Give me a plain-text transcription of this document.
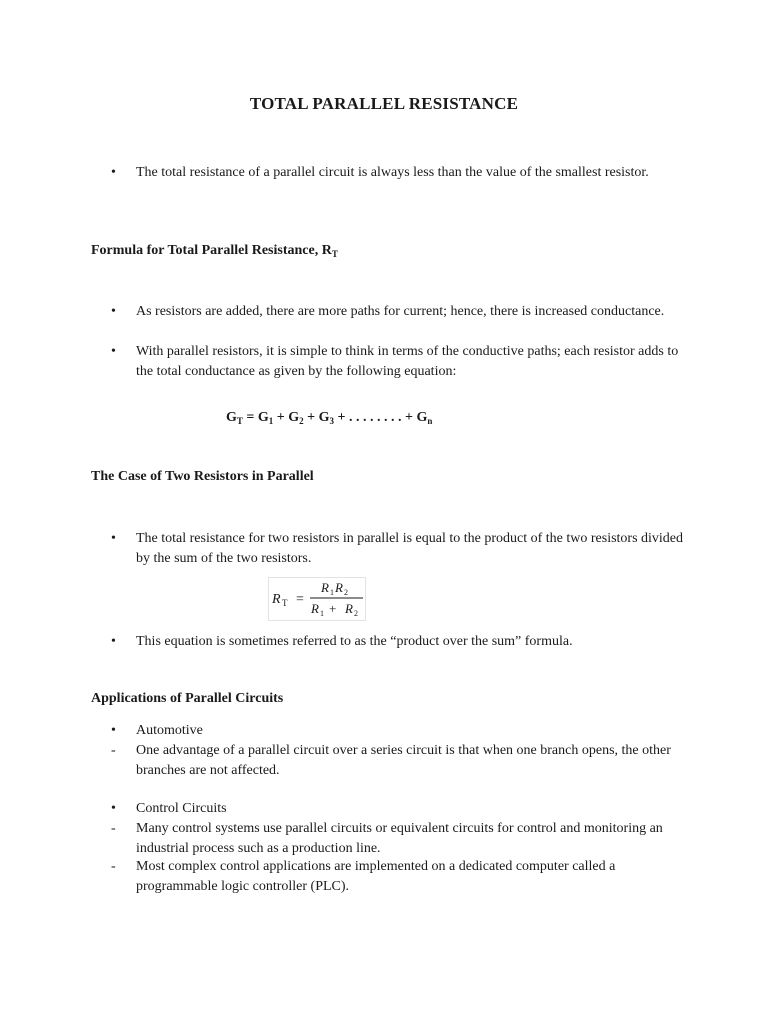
TOTAL PARALLEL RESISTANCE
• The total resistance of a parallel circuit is always less than the value of the smallest resistor.
Formula for Total Parallel Resistance, $R_T$
• As resistors are added, there are more paths for current; hence, there is increased conductance.
• With parallel resistors, it is simple to think in terms of the conductive paths; each resistor adds to the total conductance as given by the following equation:
$G_T = G_1 + G_2 + G_3$ + . . . . . . . . + $G_n$
The Case of Two Resistors in Parallel
• The total resistance for two resistors in parallel is equal to the product of the two resistors divided by the sum of the two resistors.
R T =
R 1 R 2
R 1 + R 2
• This equation is sometimes referred to as the “product over the sum” formula.
Applications of Parallel Circuits
• Automotive
- One advantage of a parallel circuit over a series circuit is that when one branch opens, the other branches are not affected.
• Control Circuits
- Many control systems use parallel circuits or equivalent circuits for control and monitoring an industrial process such as a production line.
- Most complex control applications are implemented on a dedicated computer called a programmable logic controller (PLC).
